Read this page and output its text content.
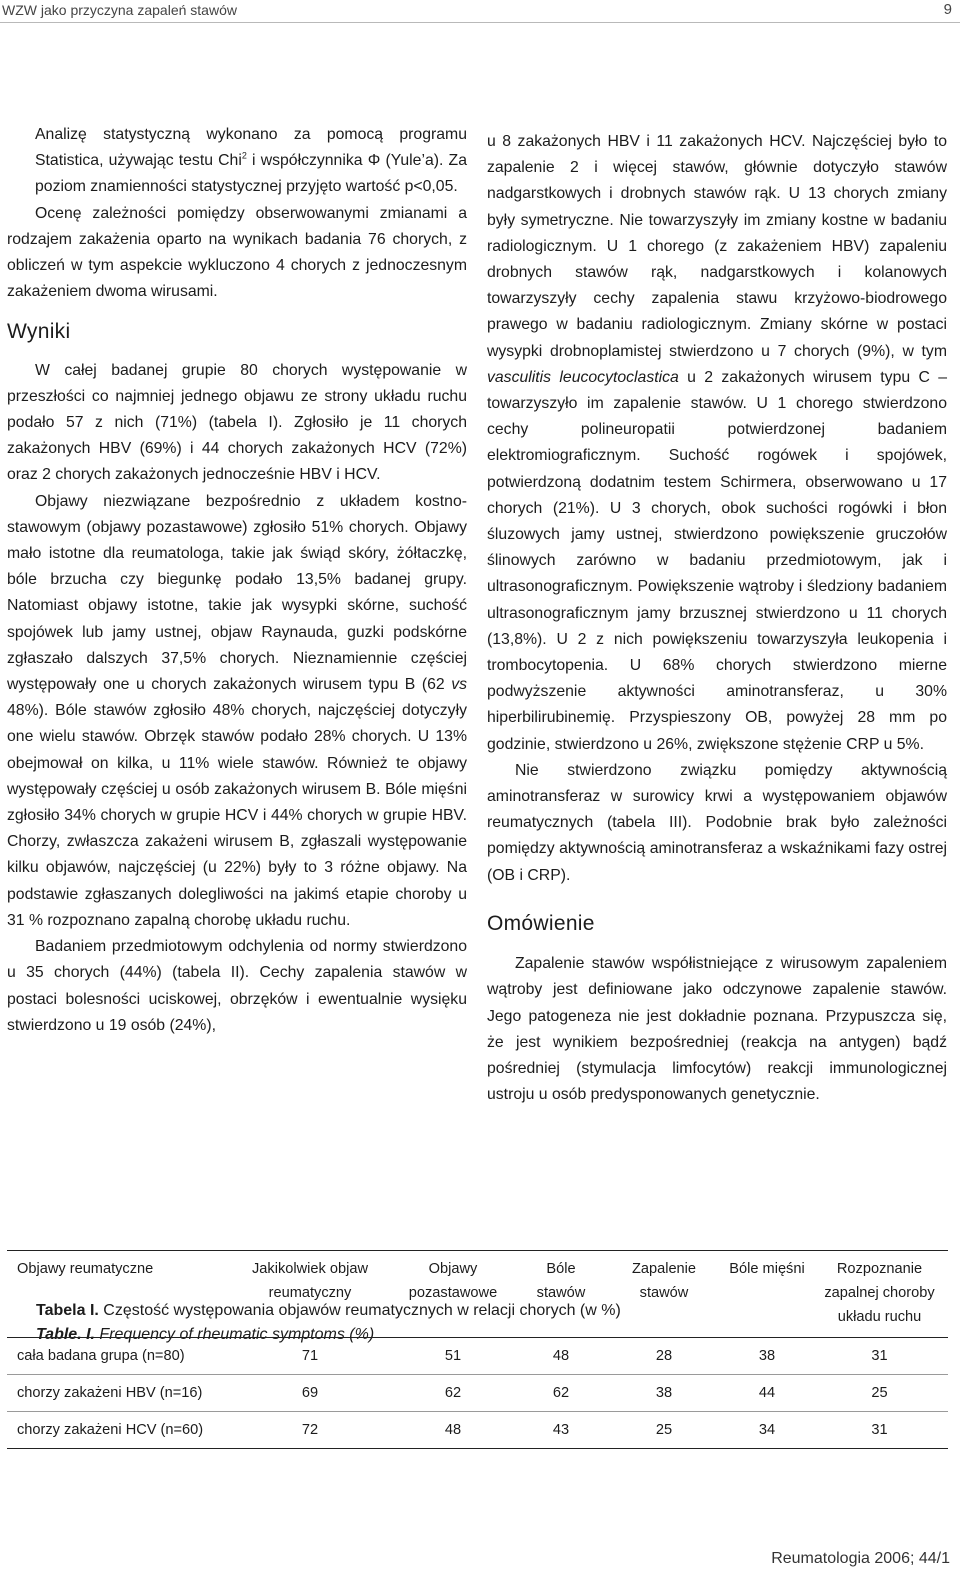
WZW jako przyczyna zapaleń stawów	9

Analizę statystyczną wykonano za pomocą programu Statistica, używając testu Chi$^2$ i współczynnika Φ (Yule’a). Za poziom znamienności statystycznej przyjęto wartość p<0,05.

Ocenę zależności pomiędzy obserwowanymi zmianami a rodzajem zakażenia oparto na wynikach badania 76 chorych, z obliczeń w tym aspekcie wykluczono 4 chorych z jednoczesnym zakażeniem dwoma wirusami.

Wyniki

W całej badanej grupie 80 chorych występowanie w przeszłości co najmniej jednego objawu ze strony układu ruchu podało 57 z nich (71%) (tabela I). Zgłosiło je 11 chorych zakażonych HBV (69%) i 44 chorych zakażonych HCV (72%) oraz 2 chorych zakażonych jednocześnie HBV i HCV.

Objawy niezwiązane bezpośrednio z układem kostno-stawowym (objawy pozastawowe) zgłosiło 51% chorych. Objawy mało istotne dla reumatologa, takie jak świąd skóry, żółtaczkę, bóle brzucha czy biegunkę podało 13,5% badanej grupy. Natomiast objawy istotne, takie jak wysypki skórne, suchość spojówek lub jamy ustnej, objaw Raynauda, guzki podskórne zgłaszało dalszych 37,5% chorych. Nieznamiennie częściej występowały one u chorych zakażonych wirusem typu B (62 vs 48%). Bóle stawów zgłosiło 48% chorych, najczęściej dotyczyły one wielu stawów. Obrzęk stawów podało 28% chorych. U 13% obejmował on kilka, u 11% wiele stawów. Również te objawy występowały częściej u osób zakażonych wirusem B. Bóle mięśni zgłosiło 34% chorych w grupie HCV i 44% chorych w grupie HBV. Chorzy, zwłaszcza zakażeni wirusem B, zgłaszali występowanie kilku objawów, najczęściej (u 22%) były to 3 różne objawy. Na podstawie zgłaszanych dolegliwości na jakimś etapie choroby u 31 % rozpoznano zapalną chorobę układu ruchu.

Badaniem przedmiotowym odchylenia od normy stwierdzono u 35 chorych (44%) (tabela II). Cechy zapalenia stawów w postaci bolesności uciskowej, obrzęków i ewentualnie wysięku stwierdzono u 19 osób (24%),

u 8 zakażonych HBV i 11 zakażonych HCV. Najczęściej było to zapalenie 2 i więcej stawów, głównie dotyczyło stawów nadgarstkowych i drobnych stawów rąk. U 13 chorych zmiany były symetryczne. Nie towarzyszyły im zmiany kostne w badaniu radiologicznym. U 1 chorego (z zakażeniem HBV) zapaleniu drobnych stawów rąk, nadgarstkowych i kolanowych towarzyszyły cechy zapalenia stawu krzyżowo-biodrowego prawego w badaniu radiologicznym. Zmiany skórne w postaci wysypki drobnoplamistej stwierdzono u 7 chorych (9%), w tym vasculitis leucocytoclastica u 2 zakażonych wirusem typu C – towarzyszyło im zapalenie stawów. U 1 chorego stwierdzono cechy polineuropatii potwierdzonej badaniem elektromiograficznym. Suchość rogówek i spojówek, potwierdzoną dodatnim testem Schirmera, obserwowano u 17 chorych (21%). U 3 chorych, obok suchości rogówki i błon śluzowych jamy ustnej, stwierdzono powiększenie gruczołów ślinowych zarówno w badaniu przedmiotowym, jak i ultrasonograficznym. Powiększenie wątroby i śledziony badaniem ultrasonograficznym jamy brzusznej stwierdzono u 11 chorych (13,8%). U 2 z nich powiększeniu towarzyszyła leukopenia i trombocytopenia. U 68% chorych stwierdzono mierne podwyższenie aktywności aminotransferaz, u 30% hiperbilirubinemię. Przyspieszony OB, powyżej 28 mm po godzinie, stwierdzono u 26%, zwiększone stężenie CRP u 5%.

Nie stwierdzono związku pomiędzy aktywnością aminotransferaz w surowicy krwi a występowaniem objawów reumatycznych (tabela III). Podobnie brak było zależności pomiędzy aktywnością aminotransferaz a wskaźnikami fazy ostrej (OB i CRP).

Omówienie

Zapalenie stawów współistniejące z wirusowym zapaleniem wątroby jest definiowane jako odczynowe zapalenie stawów. Jego patogeneza nie jest dokładnie poznana. Przypuszcza się, że jest wynikiem bezpośredniej (reakcja na antygen) bądź pośredniej (stymulacja limfocytów) reakcji immunologicznej ustroju u osób predysponowanych genetycznie.

Tabela I. Częstość występowania objawów reumatycznych w relacji chorych (w %)
Table. I. Frequency of rheumatic symptoms (%)
Objawy reumatyczne	Jakikolwiek objaw reumatyczny	Objawy pozastawowe	Bóle stawów	Zapalenie stawów	Bóle mięśni	Rozpoznanie zapalnej choroby układu ruchu
cała badana grupa (n=80)	71	51	48	28	38	31
chorzy zakażeni HBV (n=16)	69	62	62	38	44	25
chorzy zakażeni HCV (n=60)	72	48	43	25	34	31
Reumatologia 2006; 44/1
